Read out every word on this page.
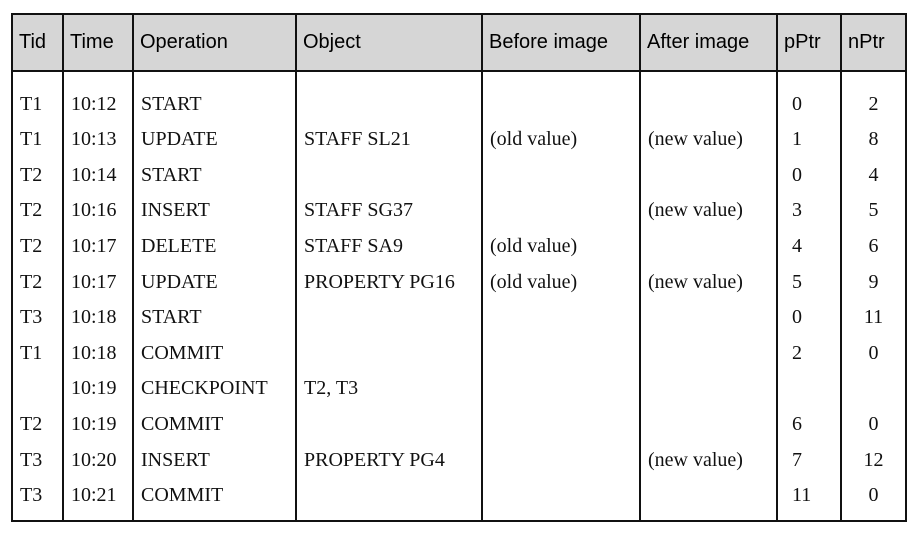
Tid	Time	Operation	Object	Before image	After image	pPtr	nPtr
T1	10:12	START				0	2
T1	10:13	UPDATE	STAFF SL21	(old value)	(new value)	1	8
T2	10:14	START				0	4
T2	10:16	INSERT	STAFF SG37		(new value)	3	5
T2	10:17	DELETE	STAFF SA9	(old value)		4	6
T2	10:17	UPDATE	PROPERTY PG16	(old value)	(new value)	5	9
T3	10:18	START				0	11
T1	10:18	COMMIT				2	0
	10:19	CHECKPOINT	T2, T3				
T2	10:19	COMMIT				6	0
T3	10:20	INSERT	PROPERTY PG4		(new value)	7	12
T3	10:21	COMMIT				11	0
